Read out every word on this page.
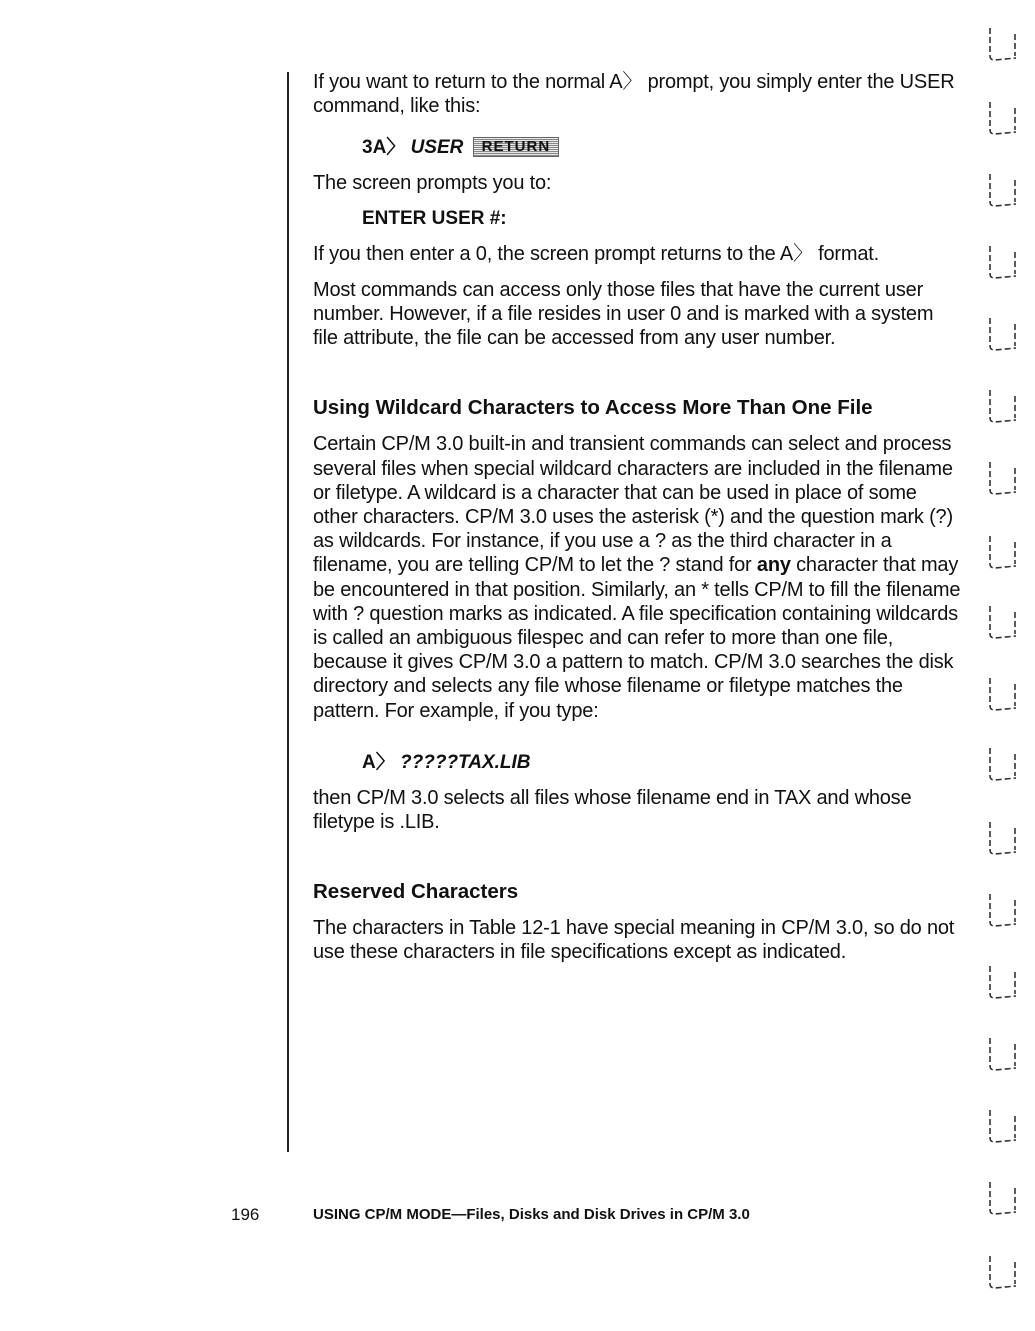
If you want to return to the normal A〉 prompt, you simply enter the USER command, like this:

3A〉 USER RETURN

The screen prompts you to:

ENTER USER #:

If you then enter a 0, the screen prompt returns to the A〉 format.

Most commands can access only those files that have the current user number. However, if a file resides in user 0 and is marked with a system file attribute, the file can be accessed from any user number.

Using Wildcard Characters to Access More Than One File

Certain CP/M 3.0 built-in and transient commands can select and process several files when special wildcard characters are included in the filename or filetype. A wildcard is a character that can be used in place of some other characters. CP/M 3.0 uses the asterisk (*) and the question mark (?) as wildcards. For instance, if you use a ? as the third character in a filename, you are telling CP/M to let the ? stand for any character that may be encountered in that position. Similarly, an * tells CP/M to fill the filename with ? question marks as indicated. A file specification containing wildcards is called an ambiguous filespec and can refer to more than one file, because it gives CP/M 3.0 a pattern to match. CP/M 3.0 searches the disk directory and selects any file whose filename or filetype matches the pattern. For example, if you type:

A〉 ?????TAX.LIB

then CP/M 3.0 selects all files whose filename end in TAX and whose filetype is .LIB.

Reserved Characters

The characters in Table 12-1 have special meaning in CP/M 3.0, so do not use these characters in file specifications except as indicated.

196	USING CP/M MODE—Files, Disks and Disk Drives in CP/M 3.0
